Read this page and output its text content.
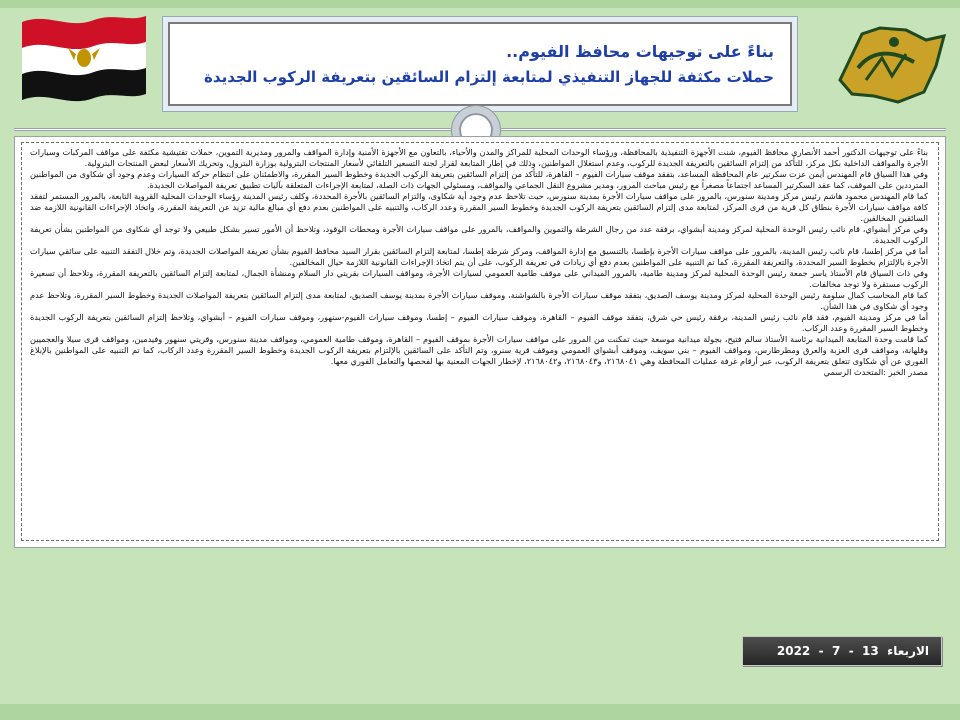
بناءً على توجيهات محافظ الفيوم..
حملات مكثفة للجهاز التنفيذي لمتابعة إلتزام السائقين بتعريفة الركوب الجديدة

بناءً على توجيهات الدكتور أحمد الأنصاري محافظ الفيوم، شنت الأجهزة التنفيذية بالمحافظة، ورؤساء الوحدات المحلية للمراكز والمدن والأحياء، بالتعاون مع الأجهزة الأمنية وإدارة المواقف والمرور ومديرية التموين، حملات تفتيشية مكثفة على مواقف المركبات وسيارات الأجرة والمواقف الداخلية بكل مركز، للتأكد من إلتزام السائقين بالتعريفة الجديدة للركوب، وعدم استغلال المواطنين، وذلك في إطار المتابعة لقرار لجنة التسعير التلقائي لأسعار المنتجات البترولية بوزارة البترول، وتحريك الأسعار لبعض المنتجات البترولية.

وفي هذا السياق قام المهندس أيمن عزت سكرتير عام المحافظة المساعد، بتفقد موقف سيارات الفيوم – القاهرة، للتأكد من إلتزام السائقين بتعريفة الركوب الجديدة وخطوط السير المقررة، والاطمئنان على انتظام حركة السيارات وعدم وجود أي شكاوى من المواطنين المترددين على الموقف، كما عقد السكرتير المساعد اجتماعاً مصغراً مع رئيس مباحث المرور، ومدير مشروع النقل الجماعي والمواقف، ومسئولي الجهات ذات الصلة، لمتابعة الإجراءات المتعلقة بآليات تطبيق تعريفة المواصلات الجديدة.

كما قام المهندس محمود هاشم رئيس مركز ومدينة سنورس، بالمرور على مواقف سيارات الأجرة بمدينة سنورس، حيث تلاحظ عدم وجود أية شكاوى، والتزام السائقين بالأجرة المحددة، وكلف رئيس المدينة رؤساء الوحدات المحلية القروية التابعة، بالمرور المستمر لتفقد كافة مواقف سيارات الأجرة بنطاق كل قرية من قرى المركز، لمتابعة مدى إلتزام السائقين بتعريفة الركوب الجديدة وخطوط السير المقررة وعدد الركاب، والتنبيه على المواطنين بعدم دفع أي مبالغ مالية تزيد عن التعريفة المقررة، واتخاذ الإجراءات القانونية اللازمة ضد السائقين المخالفين.

وفي مركز أبشواي، قام نائب رئيس الوحدة المحلية لمركز ومدينة أبشواي، برفقة عدد من رجال الشرطة والتموين والمواقف، بالمرور على مواقف سيارات الأجرة ومحطات الوقود، وتلاحظ أن الأمور تسير بشكل طبيعي ولا توجد أي شكاوى من المواطنين بشأن تعريفة الركوب الجديدة.

أما في مركز إطسا، قام نائب رئيس المدينة، بالمرور على مواقف سيارات الأجرة بإطسا، بالتنسيق مع إدارة المواقف، ومركز شرطة إطسا، لمتابعة إلتزام السائقين بقرار السيد محافظ الفيوم بشأن تعريفة المواصلات الجديدة، وتم خلال التفقد التنبيه على سائقي سيارات الأجرة بالإلتزام بخطوط السير المحددة، والتعريفة المقررة، كما تم التنبيه على المواطنين بعدم دفع أي زيادات في تعريفة الركوب، على أن يتم اتخاذ الإجراءات القانونية اللازمة حيال المخالفين.

وفي ذات السياق قام الأستاذ ياسر جمعة رئيس الوحدة المحلية لمركز ومدينة طامية، بالمرور الميداني على موقف طامية العمومي لسيارات الأجرة، ومواقف السيارات بقريتي دار السلام ومنشأة الجمال، لمتابعة إلتزام السائقين بالتعريفة المقررة، وتلاحظ أن تسعيرة الركوب مستقرة ولا توجد مخالفات.

كما قام المحاسب كمال سلومة رئيس الوحدة المحلية لمركز ومدينة يوسف الصديق، بتفقد موقف سيارات الأجرة بالشواشنة، وموقف سيارات الأجرة بمدينة يوسف الصديق، لمتابعة مدى إلتزام السائقين بتعريفة المواصلات الجديدة وخطوط السير المقررة، وتلاحظ عدم وجود أي شكاوى في هذا الشأن.

أما في مركز ومدينة الفيوم، فقد قام نائب رئيس المدينة، برفقة رئيس حي شرق، بتفقد موقف الفيوم – القاهرة، وموقف سيارات الفيوم – إطسا، وموقف سيارات الفيوم-سنهور، وموقف سيارات الفيوم – أبشواي، وتلاحظ إلتزام السائقين بتعريفة الركوب الجديدة وخطوط السير المقررة وعدد الركاب.

كما قامت وحدة المتابعة الميدانية برئاسة الأستاذ سالم فتيح، بجولة ميدانية موسعة حيث تمكنت من المرور على مواقف سيارات الأجرة بموقف الفيوم – القاهرة، وموقف طامية العمومي، ومواقف مدينة سنورس، وقريتي سنهور وفيدمين، ومواقف قرى سيلا والعجميين وقلهانة، ومواقف قرى العزبة والعرق ومطرطارس، ومواقف الفيوم – بني سويف، وموقف أبشواي العمومي وموقف قرية سنرو، وتم التأكد على السائقين بالإلتزام بتعريفة الركوب الجديدة وخطوط السير المقررة وعدد الركاب، كما تم التنبيه على المواطنين بالإبلاغ الفوري عن أي شكاوى تتعلق بتعريفة الركوب، عبر أرقام غرفة عمليات المحافظة وهي ٢١٦٨٠٤١، و٢١٦٨٠٤٣، و٢١٦٨٠٤٢، لإخطار الجهات المعنية بها لفحصها والتعامل الفوري معها.

مصدر الخبر :المتحدث الرسمي

الاربعاء  13  -  7  -  2022
